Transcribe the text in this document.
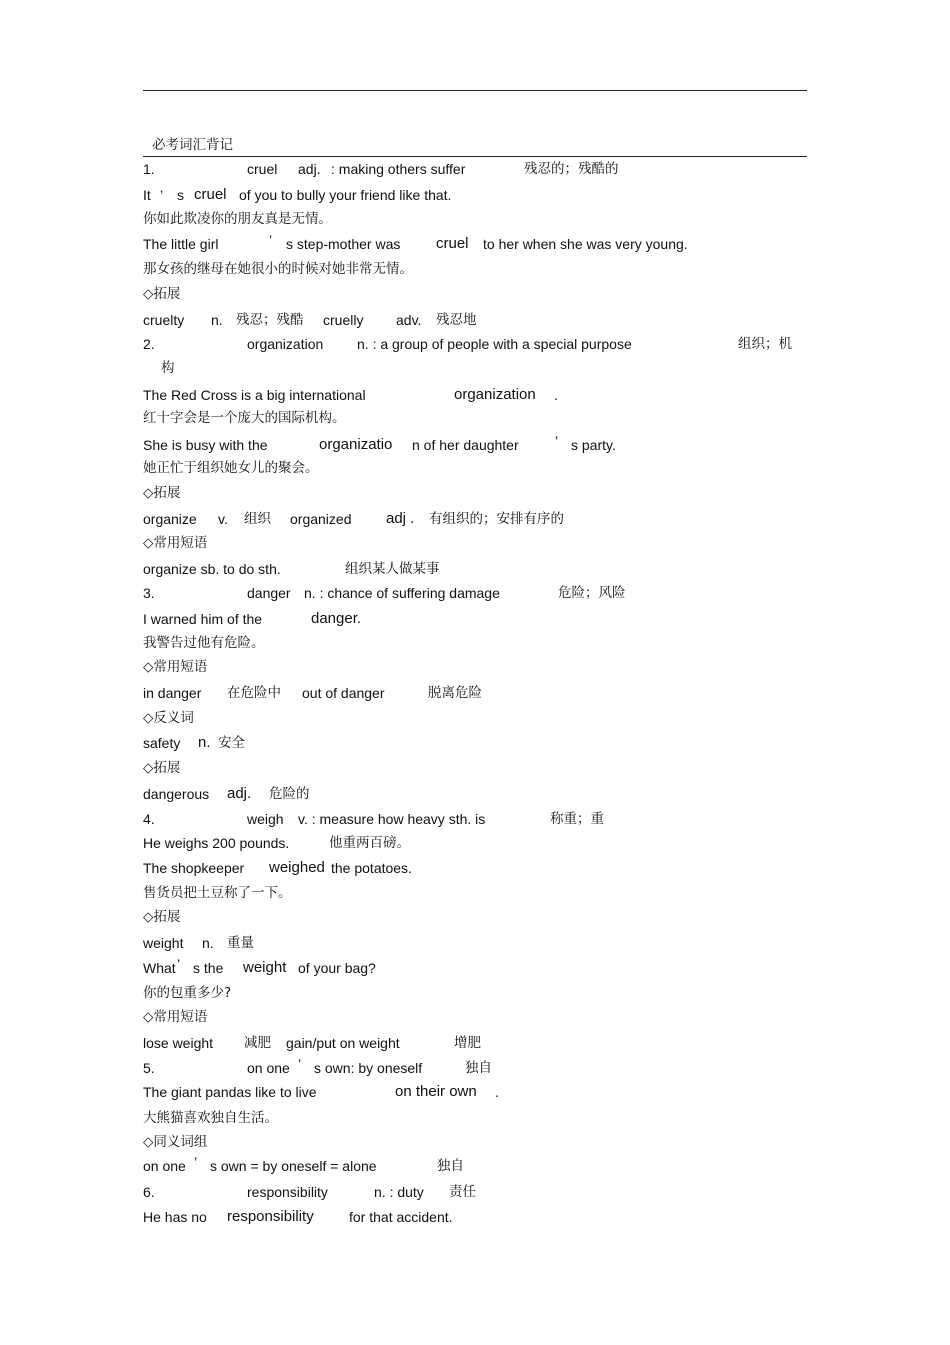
必考词汇背记
1.	cruel adj. : making others suffer	残忍的；残酷的
It ’ s cruel of you to bully your friend like that.
你如此欺凌你的朋友真是无情。
The little girl	’ s step-mother was cruel to her when she was very young.
那女孩的继母在她很小的时候对她非常无情。
◇拓展
cruelty n. 残忍；残酷 cruelly adv. 残忍地
2.	organization n. : a group of people with a special purpose	组织；机
构
The Red Cross is a big international	organization .
红十字会是一个庞大的国际机构。
She is busy with the	organizatio n of her daughter	’ s party.
她正忙于组织她女儿的聚会。
◇拓展
organize v. 组织 organized adj . 有组织的；安排有序的
◇常用短语
organize sb. to do sth.	组织某人做某事
3.	danger n. : chance of suffering damage	危险；风险
I warned him of the	danger.
我警告过他有危险。
◇常用短语
in danger 在危险中 out of danger	脱离危险
◇反义词
safety n. 安全
◇拓展
dangerous adj. 危险的
4.	weigh v. : measure how heavy sth. is	称重；重
He weighs 200 pounds.	他重两百磅。
The shopkeeper weighed the potatoes.
售货员把土豆称了一下。
◇拓展
weight n. 重量
What ’ s the weight of your bag?
你的包重多少?
◇常用短语
lose weight 减肥 gain/put on weight	增肥
5.	on one ’ s own: by oneself	独自
The giant pandas like to live	on their own .
大熊猫喜欢独自生活。
◇同义词组
on one ’ s own = by oneself = alone	独自
6.	responsibility	n. : duty 责任
He has no responsibility	for that accident.
